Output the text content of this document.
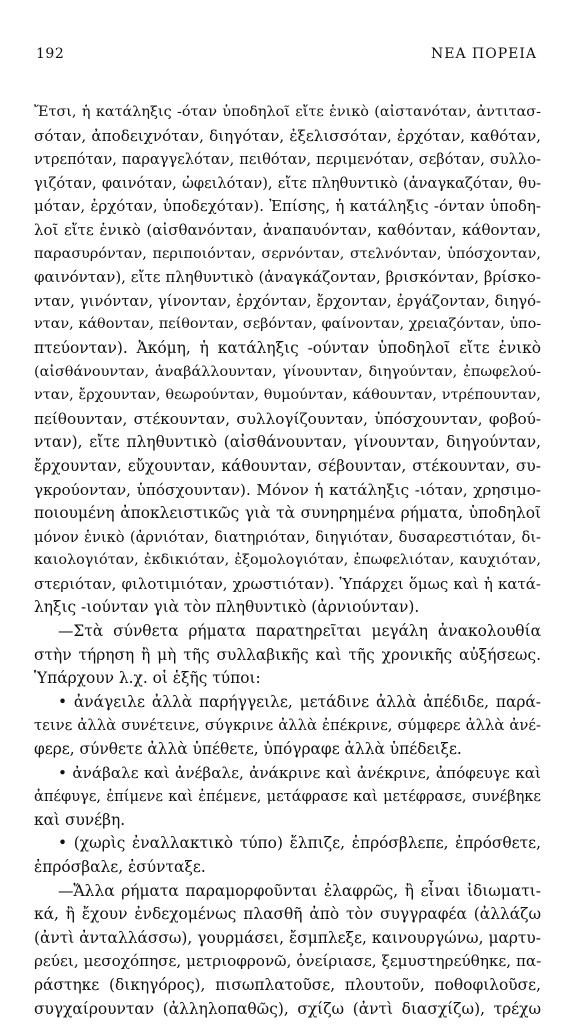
192	ΝΕΑ ΠΟΡΕΙΑ
Ἔτσι, ἡ κατάληξις -όταν ὑποδηλοῖ εἴτε ἑνικὸ (αἰστανόταν, ἀντιτασ-
σόταν, ἀποδειχνόταν, διηγόταν, ἐξελισσόταν, ἐρχόταν, καθόταν,
ντρεπόταν, παραγγελόταν, πειθόταν, περιμενόταν, σεβόταν, συλλο-
γιζόταν, φαινόταν, ὠφειλόταν), εἴτε πληθυντικὸ (ἀναγκαζόταν, θυ-
μόταν, ἐρχόταν, ὑποδεχόταν). Ἐπίσης, ἡ κατάληξις -όνταν ὑποδη-
λοῖ εἴτε ἑνικὸ (αἰσθανόνταν, ἀναπαυόνταν, καθόνταν, κάθονταν,
παρασυρόνταν, περιποιόνταν, σερνόνταν, στελνόνταν, ὑπόσχονταν,
φαινόνταν), εἴτε πληθυντικὸ (ἀναγκάζονταν, βρισκόνταν, βρίσκο-
νταν, γινόνταν, γίνονταν, ἐρχόνταν, ἔρχονταν, ἐργάζονταν, διηγό-
νταν, κάθονταν, πείθονταν, σεβόνταν, φαίνονταν, χρειαζόνταν, ὑπο-
πτεύονταν). Ἀκόμη, ἡ κατάληξις -ούνταν ὑποδηλοῖ εἴτε ἑνικὸ
(αἰσθάνουνταν, ἀναβάλλουνταν, γίνουνταν, διηγούνταν, ἐπωφελού-
νταν, ἔρχουνταν, θεωρούνταν, θυμούνταν, κάθουνταν, ντρέπουνταν,
πείθουνταν, στέκουνταν, συλλογίζουνταν, ὑπόσχουνταν, φοβού-
νταν), εἴτε πληθυντικὸ (αἰσθάνουνταν, γίνουνταν, διηγούνταν,
ἔρχουνταν, εὔχουνταν, κάθουνταν, σέβουνταν, στέκουνταν, συ-
γκρούονταν, ὑπόσχουνταν). Μόνον ἡ κατάληξις -ιόταν, χρησιμο-
ποιουμένη ἀποκλειστικῶς γιὰ τὰ συνηρημένα ρήματα, ὑποδηλοῖ
μόνον ἑνικὸ (ἀρνιόταν, διατηριόταν, διηγιόταν, δυσαρεστιόταν, δι-
καιολογιόταν, ἐκδικιόταν, ἐξομολογιόταν, ἐπωφελιόταν, καυχιόταν,
στεριόταν, φιλοτιμιόταν, χρωστιόταν). Ὑπάρχει ὅμως καὶ ἡ κατά-
ληξις -ιούνταν γιὰ τὸν πληθυντικὸ (ἀρνιούνταν).
—Στὰ σύνθετα ρήματα παρατηρεῖται μεγάλη ἀνακολουθία
στὴν τήρηση ἢ μὴ τῆς συλλαβικῆς καὶ τῆς χρονικῆς αὐξήσεως.
Ὑπάρχουν λ.χ. οἱ ἑξῆς τύποι:
• ἀνάγειλε ἀλλὰ παρήγγειλε, μετάδινε ἀλλὰ ἀπέδιδε, παρά-
τεινε ἀλλὰ συνέτεινε, σύγκρινε ἀλλὰ ἐπέκρινε, σύμφερε ἀλλὰ ἀνέ-
φερε, σύνθετε ἀλλὰ ὑπέθετε, ὑπόγραφε ἀλλὰ ὑπέδειξε.
• ἀνάβαλε καὶ ἀνέβαλε, ἀνάκρινε καὶ ἀνέκρινε, ἀπόφευγε καὶ
ἀπέφυγε, ἐπίμενε καὶ ἐπέμενε, μετάφρασε καὶ μετέφρασε, συνέβηκε
καὶ συνέβη.
• (χωρὶς ἐναλλακτικὸ τύπο) ἔλπιζε, ἐπρόσβλεπε, ἐπρόσθετε,
ἐπρόσβαλε, ἐσύνταξε.
—Ἄλλα ρήματα παραμορφοῦνται ἐλαφρῶς, ἢ εἶναι ἰδιωματι-
κά, ἢ ἔχουν ἐνδεχομένως πλασθῆ ἀπὸ τὸν συγγραφέα (ἀλλάζω
(ἀντὶ ἀνταλλάσσω), γουρμάσει, ἔσμπλεξε, καινουργώνω, μαρτυ-
ρεύει, μεσοχόπησε, μετριοφρονῶ, ὀνείριασε, ξεμυστηρεύθηκε, πα-
ράστηκε (δικηγόρος), πισωπλατοῦσε, πλουτοῦν, ποθοφιλοῦσε,
συγχαίρουνταν (ἀλληλοπαθῶς), σχίζω (ἀντὶ διασχίζω), τρέχω
